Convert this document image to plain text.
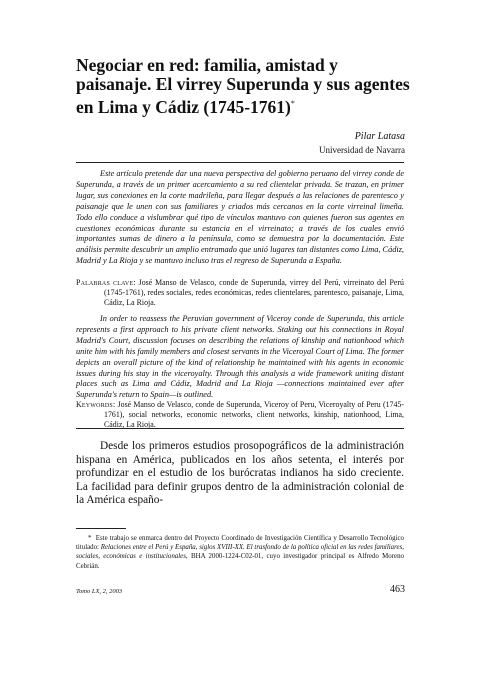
Negociar en red: familia, amistad y paisanaje. El virrey Superunda y sus agentes en Lima y Cádiz (1745-1761)*
Pilar Latasa
Universidad de Navarra

Este artículo pretende dar una nueva perspectiva del gobierno peruano del virrey conde de Superunda, a través de un primer acercamiento a su red clientelar privada. Se trazan, en primer lugar, sus conexiones en la corte madrileña, para llegar después a las relaciones de parentesco y paisanaje que le unen con sus familiares y criados más cercanos en la corte virreinal limeña. Todo ello conduce a vislumbrar qué tipo de vínculos mantuvo con quienes fueron sus agentes en cuestiones económicas durante su estancia en el virreinato; a través de los cuales envió importantes sumas de dinero a la península, como se demuestra por la documentación. Este análisis permite descubrir un amplio entramado que unió lugares tan distantes como Lima, Cádiz, Madrid y La Rioja y se mantuvo incluso tras el regreso de Superunda a España.

Palabras clave: José Manso de Velasco, conde de Superunda, virrey del Perú, virreinato del Perú (1745-1761), redes sociales, redes económicas, redes clientelares, parentesco, paisanaje, Lima, Cádiz, La Rioja.

In order to reassess the Peruvian government of Viceroy conde de Superunda, this article represents a first approach to his private client networks. Staking out his connections in Royal Madrid's Court, discussion focuses on describing the relations of kinship and nationhood which unite him with his family members and closest servants in the Viceroyal Court of Lima. The former depicts an overall picture of the kind of relationship he maintained with his agents in economic issues during his stay in the viceroyalty. Through this analysis a wide framework uniting distant places such as Lima and Cádiz, Madrid and La Rioja —connections maintained ever after Superunda's return to Spain—is outlined.

Keywords: José Manso de Velasco, conde de Superunda, Viceroy of Peru, Viceroyalty of Peru (1745-1761), social networks, economic networks, client networks, kinship, nationhood, Lima, Cádiz, La Rioja.

Desde los primeros estudios prosopográficos de la administración hispana en América, publicados en los años setenta, el interés por profundizar en el estudio de los burócratas indianos ha sido creciente. La facilidad para definir grupos dentro de la administración colonial de la América españo-

* Este trabajo se enmarca dentro del Proyecto Coordinado de Investigación Científica y Desarrollo Tecnológico titulado: Relaciones entre el Perú y España, siglos XVIII-XX. El trasfondo de la política oficial en las redes familiares, sociales, económicas e institucionales, BHA 2000-1224-C02-01, cuyo investigador principal es Alfredo Moreno Cebrián.

Tomo LX, 2, 2003	463
